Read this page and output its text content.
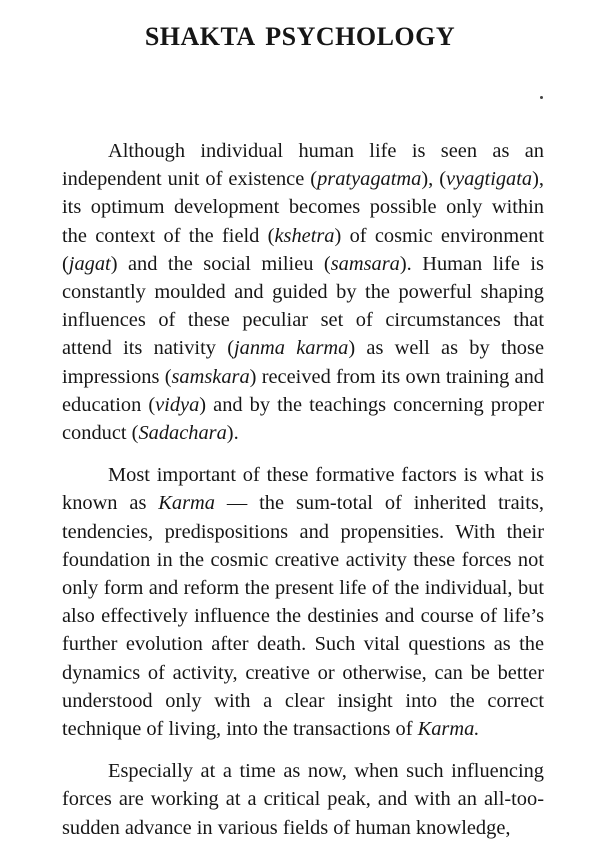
SHAKTA PSYCHOLOGY

Although individual human life is seen as an independent unit of existence (pratyagatma), (vyagtigata), its optimum development becomes possible only within the context of the field (kshetra) of cosmic environment (jagat) and the social milieu (samsara). Human life is constantly moulded and guided by the powerful shaping influences of these peculiar set of circumstances that attend its nativity (janma karma) as well as by those impressions (samskara) received from its own training and education (vidya) and by the teachings concerning proper conduct (Sadachara).

Most important of these formative factors is what is known as Karma — the sum-total of inherited traits, tendencies, predispositions and propensities. With their foundation in the cosmic creative activity these forces not only form and reform the present life of the individual, but also effectively influence the destinies and course of life’s further evolution after death. Such vital questions as the dynamics of activity, creative or otherwise, can be better understood only with a clear insight into the correct technique of living, into the transactions of Karma.

Especially at a time as now, when such influencing forces are working at a critical peak, and with an all-too-sudden advance in various fields of human knowledge,
